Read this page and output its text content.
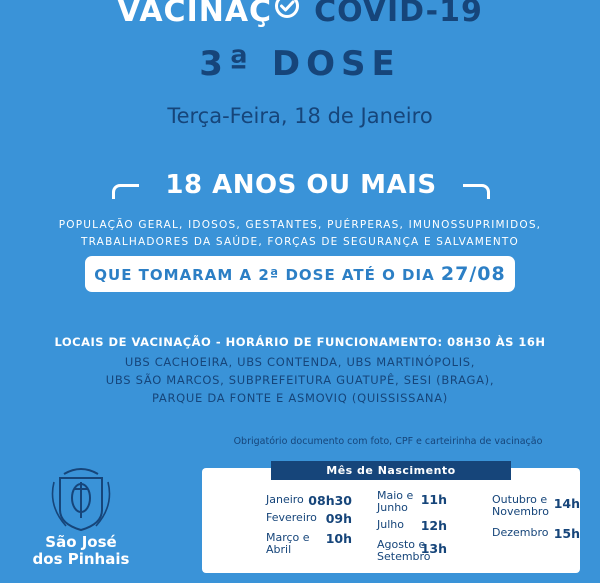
VACINAÇ COVID-19
3ª DOSE
Terça-Feira, 18 de Janeiro
18 ANOS OU MAIS
POPULAÇÃO GERAL, IDOSOS, GESTANTES, PUÉRPERAS, IMUNOSSUPRIMIDOS,
TRABALHADORES DA SAÚDE, FORÇAS DE SEGURANÇA E SALVAMENTO
QUE TOMARAM A 2ª DOSE ATÉ O DIA 27/08
LOCAIS DE VACINAÇÃO - HORÁRIO DE FUNCIONAMENTO: 08H30 ÀS 16H
UBS CACHOEIRA, UBS CONTENDA, UBS MARTINÓPOLIS,
UBS SÃO MARCOS, SUBPREFEITURA GUATUPÊ, SESI (BRAGA),
PARQUE DA FONTE E ASMOVIQ (QUISSISSANA)
Obrigatório documento com foto, CPF e carteirinha de vacinação
São José
dos Pinhais
Mês de Nascimento
08h30
Janeiro
09h
Fevereiro
10h
Março e
Abril
11h
Maio e
Junho
12h
Julho
13h
Agosto e
Setembro
14h
Outubro e
Novembro
15h
Dezembro
